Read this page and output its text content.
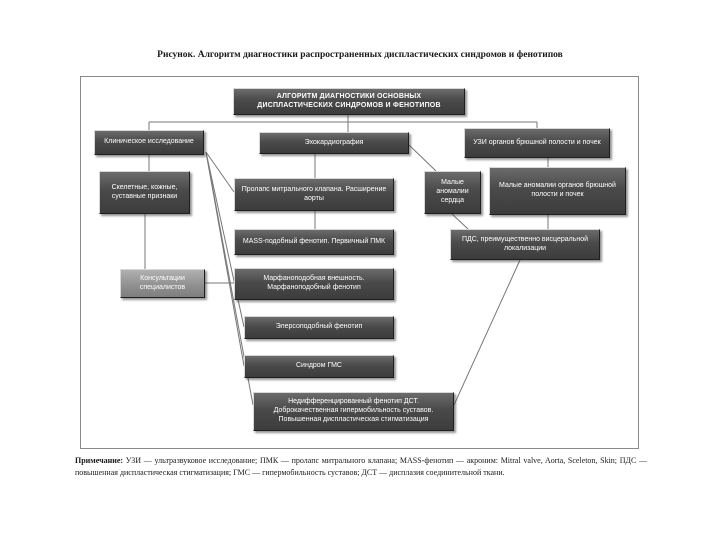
Рисунок. Алгоритм диагностики распространенных диспластических синдромов и фенотипов
АЛГОРИТМ ДИАГНОСТИКИ ОСНОВНЫХ ДИСПЛАСТИЧЕСКИХ СИНДРОМОВ И ФЕНОТИПОВ
Клиническое исследование	Эхокардиография	УЗИ органов брюшной полости и почек
Скелетные, кожные, суставные признаки
Пролапс митрального клапана. Расширение аорты
Малые аномалии сердца
Малые аномалии органов брюшной полости и почек
MASS-подобный фенотип. Первичный ПМК	ПДС, преимущественно висцеральной локализации
Консультации специалистов
Марфаноподобная внешность. Марфаноподобный фенотип
Элерсоподобный фенотип
Синдром ГМС
Недифференцированный фенотип ДСТ. Доброкачественная гипермобильность суставов. Повышенная диспластическая стигматизация
Примечание: УЗИ — ультразвуковое исследование; ПМК — пролапс митрального клапана; MASS-фенотип — акроним: Mitral valve, Aorta, Sceleton, Skin; ПДС — повышенная диспластическая стигматизация; ГМС — гипермобильность суставов; ДСТ — дисплазия соединительной ткани.
